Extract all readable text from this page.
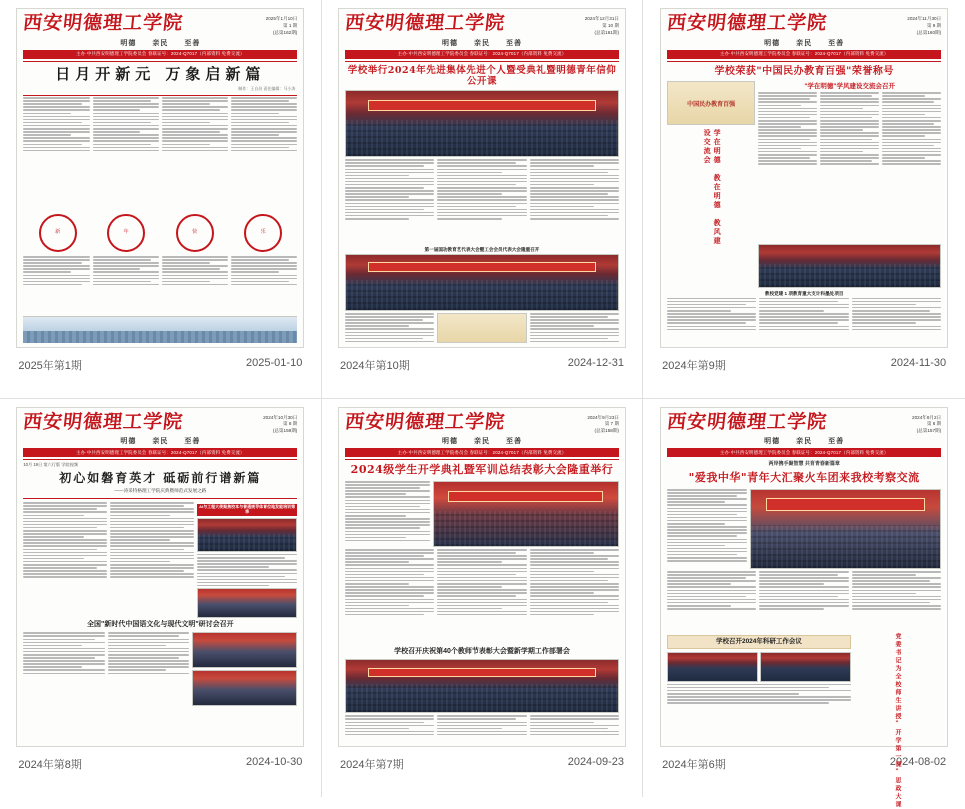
西安明德理工学院	2025年1月10日
第 1 期
(总第162期)
明德 亲民 至善
主办·中共西安明德理工学院委员会 春联证号：2024-Q7017（内部资料 免费交流）
日月开新元 万象启新篇
制作：王自昌 责任编辑：马小涛
新	年	快	乐
2025年第1期	2025-01-10
西安明德理工学院	2024年12月31日
第 10 期
(总第161期)
明德 亲民 至善
主办·中共西安明德理工学院委员会 春联证号：2024-Q7017（内部资料 免费交流）
学校举行2024年先进集体先进个人暨受典礼暨明德青年信仰公开课
第一届国功教育艺代表大会暨工会会员代表大会隆重召开
2024年第10期	2024-12-31
西安明德理工学院	2024年11月30日
第 9 期
(总第160期)
明德 亲民 至善
主办·中共西安明德理工学院委员会 春联证号：2024-Q7017（内部资料 免费交流）
学校荣获"中国民办教育百强"荣誉称号
中国民办教育百强
学在明德 教在明德 教风建设交流会
"学在明德"学风建设交流会召开
教校党建 1 项教育重大支计科墨处项目
2024年第9期	2024-11-30
西安明德理工学院	2024年10月30日
第 8 期
(总第159期)
明德 亲民 至善
主办·中共西安明德理工学院委员会 春联证号：2024-Q7017（内部资料 免费交流）
10月 19日 第六行版 学院视频
初心如磐育英才 砥砺前行谱新篇
——涛采特格理工学院庆典暨师范式发展之路
AI与工程大使聚焦校本与普通规导体育位地发能培训第季
全国"新时代中国语文化与现代文明"研讨会召开
2024年第8期	2024-10-30
西安明德理工学院	2024年9月23日
第 7 期
(总第158期)
明德 亲民 至善
主办·中共西安明德理工学院委员会 春联证号：2024-Q7017（内部资料 免费交流）
2024级学生开学典礼暨军训总结表彰大会隆重举行
学校召开庆祝第40个教师节表彰大会暨新学期工作部署会
2024年第7期	2024-09-23
西安明德理工学院	2024年8月2日
第 6 期
(总第157期)
明德 亲民 至善
主办·中共西安明德理工学院委员会 春联证号：2024-Q7017（内部资料 免费交流）
两岸携手聚智慧 共育青春新篇章
"爱我中华"青年大汇聚火车团来我校考察交流
学校召开2024年科研工作会议	党委书记为全校师生讲授"开学第一课"思政大课
2024年第6期	2024-08-02
